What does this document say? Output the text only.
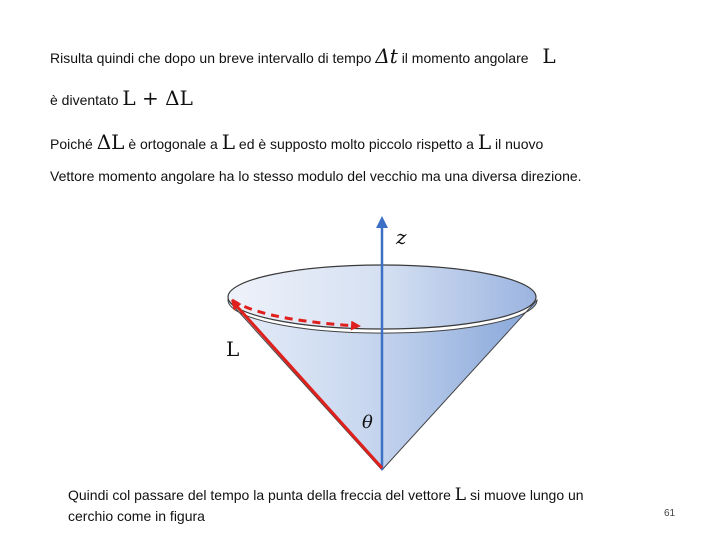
Risulta quindi che dopo un breve intervallo di tempo Δt il momento angolare L
è diventato L + ΔL
Poiché ΔL è ortogonale a L ed è supposto molto piccolo rispetto a L il nuovo
Vettore momento angolare ha lo stesso modulo del vecchio ma una diversa direzione.
z
L
θ
Quindi col passare del tempo la punta della freccia del vettore L si muove lungo un
cerchio come in figura	61
